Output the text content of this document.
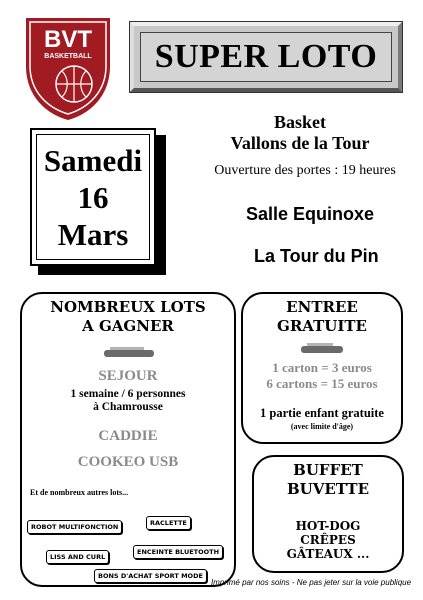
BVT
BASKETBALL	SUPER LOTO
Basket
Vallons de la Tour
Ouverture des portes : 19 heures
Samedi
16
Mars
Salle Equinoxe
La Tour du Pin
NOMBREUX LOTS
A GAGNER
SEJOUR
1 semaine / 6 personnes
à Chamrousse
CADDIE
COOKEO USB
Et de nombreux autres lots...
ROBOT MULTIFONCTION	RACLETTE
ENCEINTE BLUETOOTH
LISS AND CURL
BONS D'ACHAT SPORT MODE
ENTREE
GRATUITE
1 carton = 3 euros
6 cartons = 15 euros
1 partie enfant gratuite
(avec limite d'âge)
BUFFET
BUVETTE
HOT-DOG
CRÊPES
GÂTEAUX ...
Imprimé par nos soins - Ne pas jeter sur la voie publique
